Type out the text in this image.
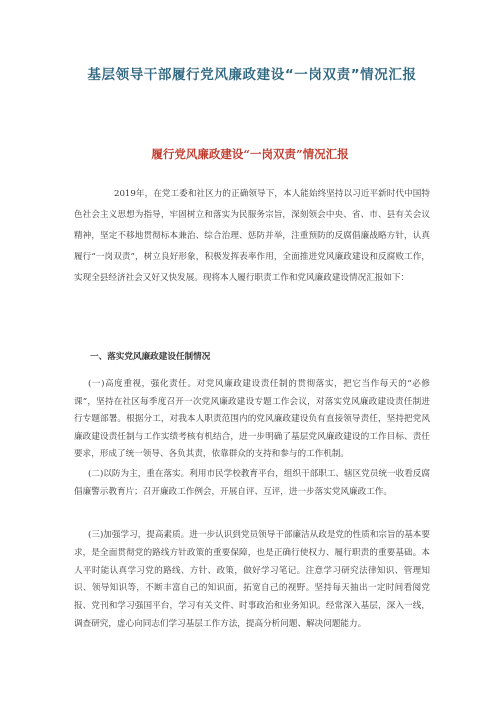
基层领导干部履行党风廉政建设“一岗双责”情况汇报
履行党风廉政建设“一岗双责”情况汇报

2019年，在党工委和社区力的正确领导下，本人能始终坚持以习近平新时代中国特色社会主义思想为指导，牢固树立和落实为民服务宗旨，深刻领会中央、省、市、县有关会议精神，坚定不移地贯彻标本兼治、综合治理、惩防并举，注重预防的反腐倡廉战略方针，认真履行“一岗双责”，树立良好形象，积极发挥表率作用，全面推进党风廉政建设和反腐败工作，实现全县经济社会又好又快发展。现将本人履行职责工作和党风廉政建设情况汇报如下：

一、落实党风廉政建设任制情况
(一)高度重视，强化责任。对党风廉政建设责任制的贯彻落实，把它当作每天的“必修课”，坚持在社区每季度召开一次党风廉政建设专题工作会议，对落实党风廉政建设责任制进行专题部署。根据分工，对我本人职责范围内的党风廉政建设负有直接领导责任，坚持把党风廉政建设责任制与工作实绩考核有机结合，进一步明确了基层党风廉政建设的工作目标、责任要求，形成了统一领导、各负其责，依靠群众的支持和参与的工作机制。
(二)以防为主，重在落实。利用市民学校教育平台，组织干部职工、辖区党员统一收看反腐倡廉警示教育片；召开廉政工作例会，开展自评、互评，进一步落实党风廉政工作。
(三)加强学习，提高素质。进一步认识到党员领导干部廉洁从政是党的性质和宗旨的基本要求，是全面贯彻党的路线方针政策的重要保障，也是正确行使权力、履行职责的重要基础。本人平时能认真学习党的路线、方针、政策，做好学习笔记。注意学习研究法律知识、管理知识、领导知识等，不断丰富自己的知识面，拓宽自己的视野。坚持每天抽出一定时间看阅党报、党刊和学习强国平台，学习有关文件、时事政治和业务知识。经常深入基层，深入一线，调查研究，虚心向同志们学习基层工作方法，提高分析问题、解决问题能力。
